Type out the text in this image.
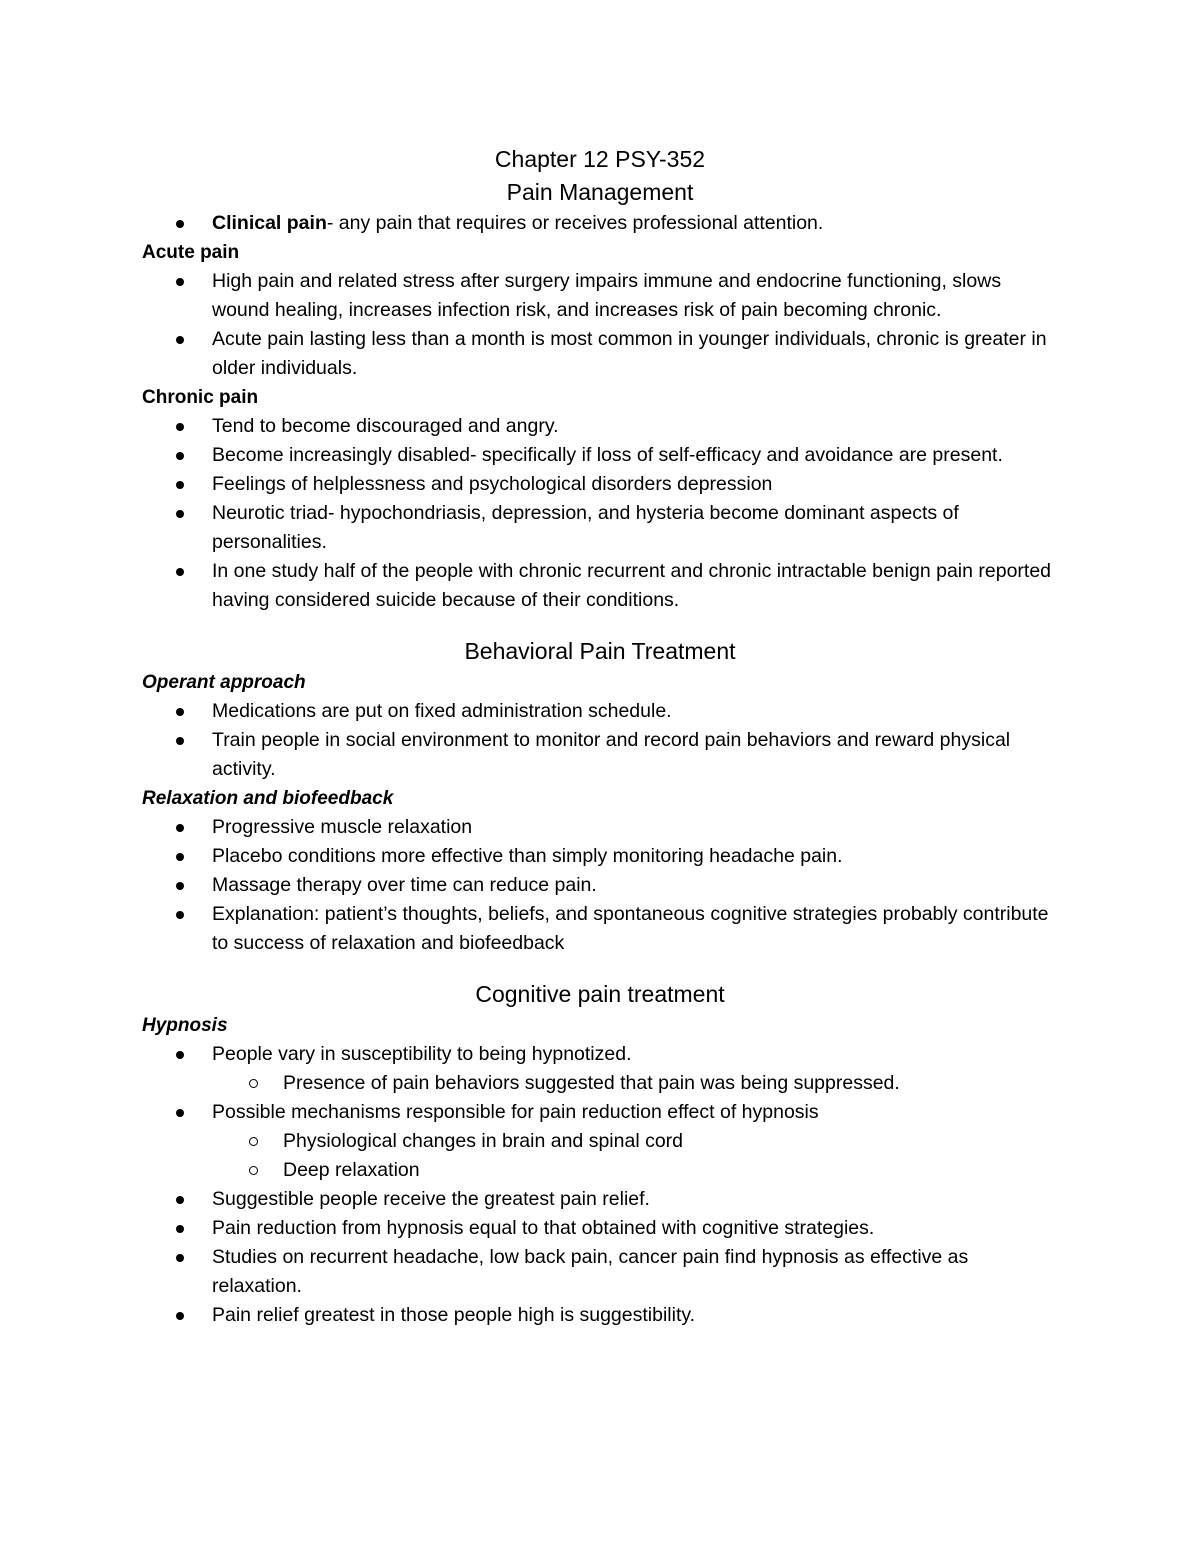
Chapter 12 PSY-352
Pain Management
Clinical pain- any pain that requires or receives professional attention.
Acute pain
High pain and related stress after surgery impairs immune and endocrine functioning, slows wound healing, increases infection risk, and increases risk of pain becoming chronic.
Acute pain lasting less than a month is most common in younger individuals, chronic is greater in older individuals.
Chronic pain
Tend to become discouraged and angry.
Become increasingly disabled- specifically if loss of self-efficacy and avoidance are present.
Feelings of helplessness and psychological disorders depression
Neurotic triad- hypochondriasis, depression, and hysteria become dominant aspects of personalities.
In one study half of the people with chronic recurrent and chronic intractable benign pain reported having considered suicide because of their conditions.
Behavioral Pain Treatment
Operant approach
Medications are put on fixed administration schedule.
Train people in social environment to monitor and record pain behaviors and reward physical activity.
Relaxation and biofeedback
Progressive muscle relaxation
Placebo conditions more effective than simply monitoring headache pain.
Massage therapy over time can reduce pain.
Explanation: patient’s thoughts, beliefs, and spontaneous cognitive strategies probably contribute to success of relaxation and biofeedback
Cognitive pain treatment
Hypnosis
People vary in susceptibility to being hypnotized.
Presence of pain behaviors suggested that pain was being suppressed.
Possible mechanisms responsible for pain reduction effect of hypnosis
Physiological changes in brain and spinal cord
Deep relaxation
Suggestible people receive the greatest pain relief.
Pain reduction from hypnosis equal to that obtained with cognitive strategies.
Studies on recurrent headache, low back pain, cancer pain find hypnosis as effective as relaxation.
Pain relief greatest in those people high is suggestibility.
